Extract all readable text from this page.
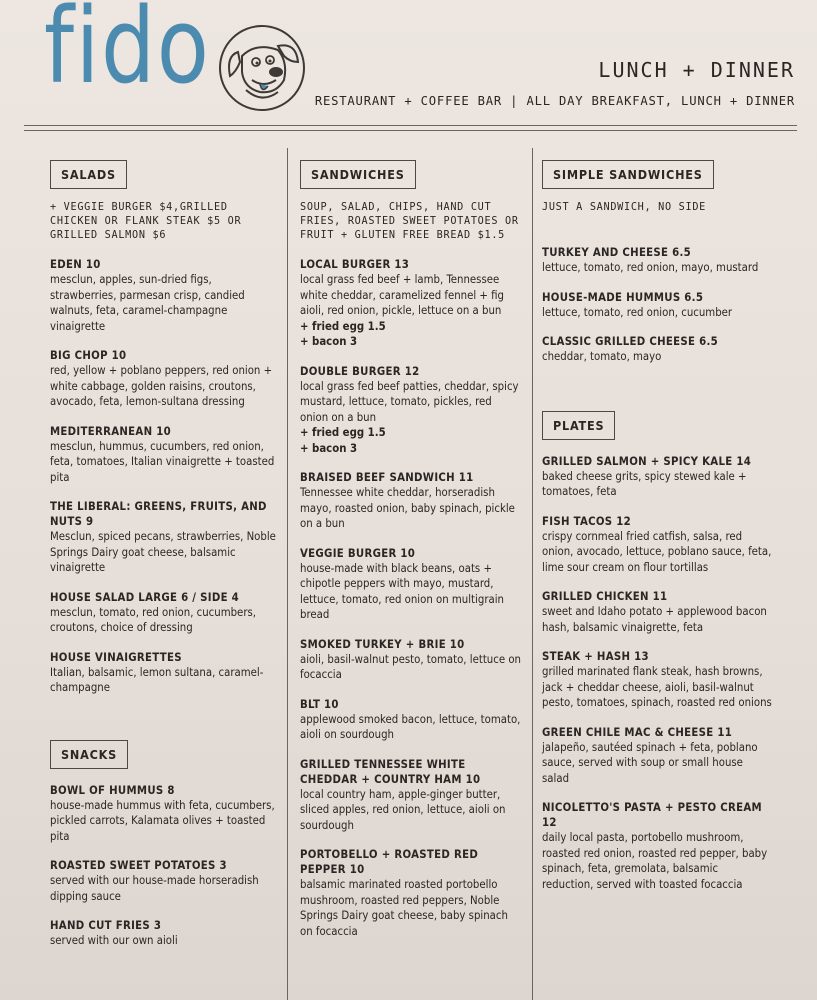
fido	LUNCH + DINNER
RESTAURANT + COFFEE BAR | ALL DAY BREAKFAST, LUNCH + DINNER
SALADS
+ VEGGIE BURGER $4,GRILLED CHICKEN OR FLANK STEAK $5 OR GRILLED SALMON $6
EDEN 10
mesclun, apples, sun-dried figs, strawberries, parmesan crisp, candied walnuts, feta, caramel-champagne vinaigrette
BIG CHOP 10
red, yellow + poblano peppers, red onion + white cabbage, golden raisins, croutons, avocado, feta, lemon-sultana dressing
MEDITERRANEAN 10
mesclun, hummus, cucumbers, red onion, feta, tomatoes, Italian vinaigrette + toasted pita
THE LIBERAL: GREENS, FRUITS, AND NUTS 9
Mesclun, spiced pecans, strawberries, Noble Springs Dairy goat cheese, balsamic vinaigrette
HOUSE SALAD LARGE 6 / SIDE 4
mesclun, tomato, red onion, cucumbers, croutons, choice of dressing
HOUSE VINAIGRETTES
Italian, balsamic, lemon sultana, caramel-champagne
SNACKS
BOWL OF HUMMUS 8
house-made hummus with feta, cucumbers, pickled carrots, Kalamata olives + toasted pita
ROASTED SWEET POTATOES 3
served with our house-made horseradish dipping sauce
HAND CUT FRIES 3
served with our own aioli
SANDWICHES
SOUP, SALAD, CHIPS, HAND CUT FRIES, ROASTED SWEET POTATOES OR FRUIT + GLUTEN FREE BREAD $1.5
LOCAL BURGER 13
local grass fed beef + lamb, Tennessee white cheddar, caramelized fennel + fig aioli, red onion, pickle, lettuce on a bun
+ fried egg 1.5
+ bacon 3
DOUBLE BURGER 12
local grass fed beef patties, cheddar, spicy mustard, lettuce, tomato, pickles, red onion on a bun
+ fried egg 1.5
+ bacon 3
BRAISED BEEF SANDWICH 11
Tennessee white cheddar, horseradish mayo, roasted onion, baby spinach, pickle on a bun
VEGGIE BURGER 10
house-made with black beans, oats + chipotle peppers with mayo, mustard, lettuce, tomato, red onion on multigrain bread
SMOKED TURKEY + BRIE 10
aioli, basil-walnut pesto, tomato, lettuce on focaccia
BLT 10
applewood smoked bacon, lettuce, tomato, aioli on sourdough
GRILLED TENNESSEE WHITE CHEDDAR + COUNTRY HAM 10
local country ham, apple-ginger butter, sliced apples, red onion, lettuce, aioli on sourdough
PORTOBELLO + ROASTED RED PEPPER 10
balsamic marinated roasted portobello mushroom, roasted red peppers, Noble Springs Dairy goat cheese, baby spinach on focaccia
SIMPLE SANDWICHES
JUST A SANDWICH, NO SIDE
TURKEY AND CHEESE 6.5
lettuce, tomato, red onion, mayo, mustard
HOUSE-MADE HUMMUS 6.5
lettuce, tomato, red onion, cucumber
CLASSIC GRILLED CHEESE 6.5
cheddar, tomato, mayo
PLATES
GRILLED SALMON + SPICY KALE 14
baked cheese grits, spicy stewed kale + tomatoes, feta
FISH TACOS 12
crispy cornmeal fried catfish, salsa, red onion, avocado, lettuce, poblano sauce, feta, lime sour cream on flour tortillas
GRILLED CHICKEN 11
sweet and Idaho potato + applewood bacon hash, balsamic vinaigrette, feta
STEAK + HASH 13
grilled marinated flank steak, hash browns, jack + cheddar cheese, aioli, basil-walnut pesto, tomatoes, spinach, roasted red onions
GREEN CHILE MAC & CHEESE 11
jalapeño, sautéed spinach + feta, poblano sauce, served with soup or small house salad
NICOLETTO'S PASTA + PESTO CREAM 12
daily local pasta, portobello mushroom, roasted red onion, roasted red pepper, baby spinach, feta, gremolata, balsamic reduction, served with toasted focaccia
